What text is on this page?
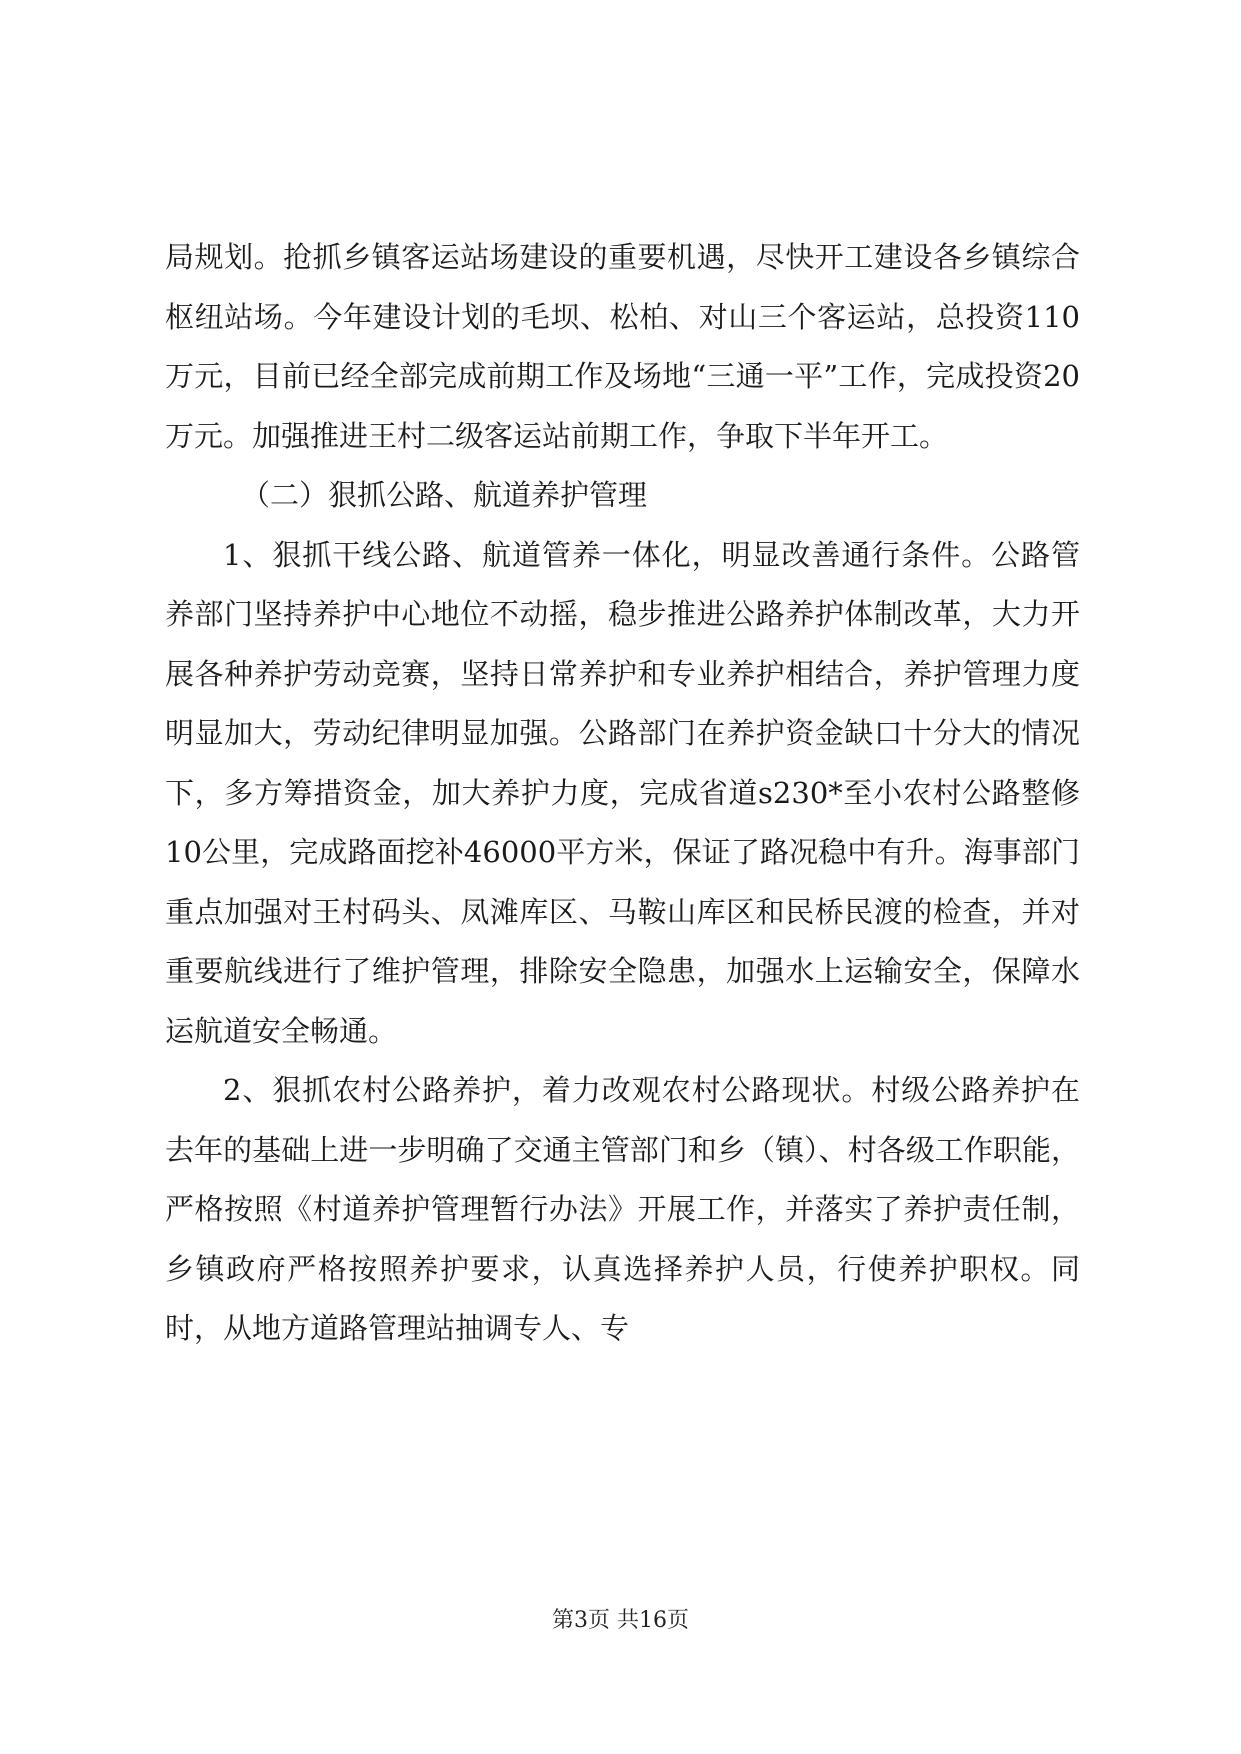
局规划。抢抓乡镇客运站场建设的重要机遇，尽快开工建设各乡镇综合枢纽站场。今年建设计划的毛坝、松柏、对山三个客运站，总投资110万元，目前已经全部完成前期工作及场地“三通一平”工作，完成投资20万元。加强推进王村二级客运站前期工作，争取下半年开工。

（二）狠抓公路、航道养护管理

1、狠抓干线公路、航道管养一体化，明显改善通行条件。公路管养部门坚持养护中心地位不动摇，稳步推进公路养护体制改革，大力开展各种养护劳动竞赛，坚持日常养护和专业养护相结合，养护管理力度明显加大，劳动纪律明显加强。公路部门在养护资金缺口十分大的情况下，多方筹措资金，加大养护力度，完成省道s230*至小农村公路整修10公里，完成路面挖补46000平方米，保证了路况稳中有升。海事部门重点加强对王村码头、凤滩库区、马鞍山库区和民桥民渡的检查，并对重要航线进行了维护管理，排除安全隐患，加强水上运输安全，保障水运航道安全畅通。

2、狠抓农村公路养护，着力改观农村公路现状。村级公路养护在去年的基础上进一步明确了交通主管部门和乡（镇）、村各级工作职能，严格按照《村道养护管理暂行办法》开展工作，并落实了养护责任制，乡镇政府严格按照养护要求，认真选择养护人员，行使养护职权。同时，从地方道路管理站抽调专人、专

第3页 共16页
